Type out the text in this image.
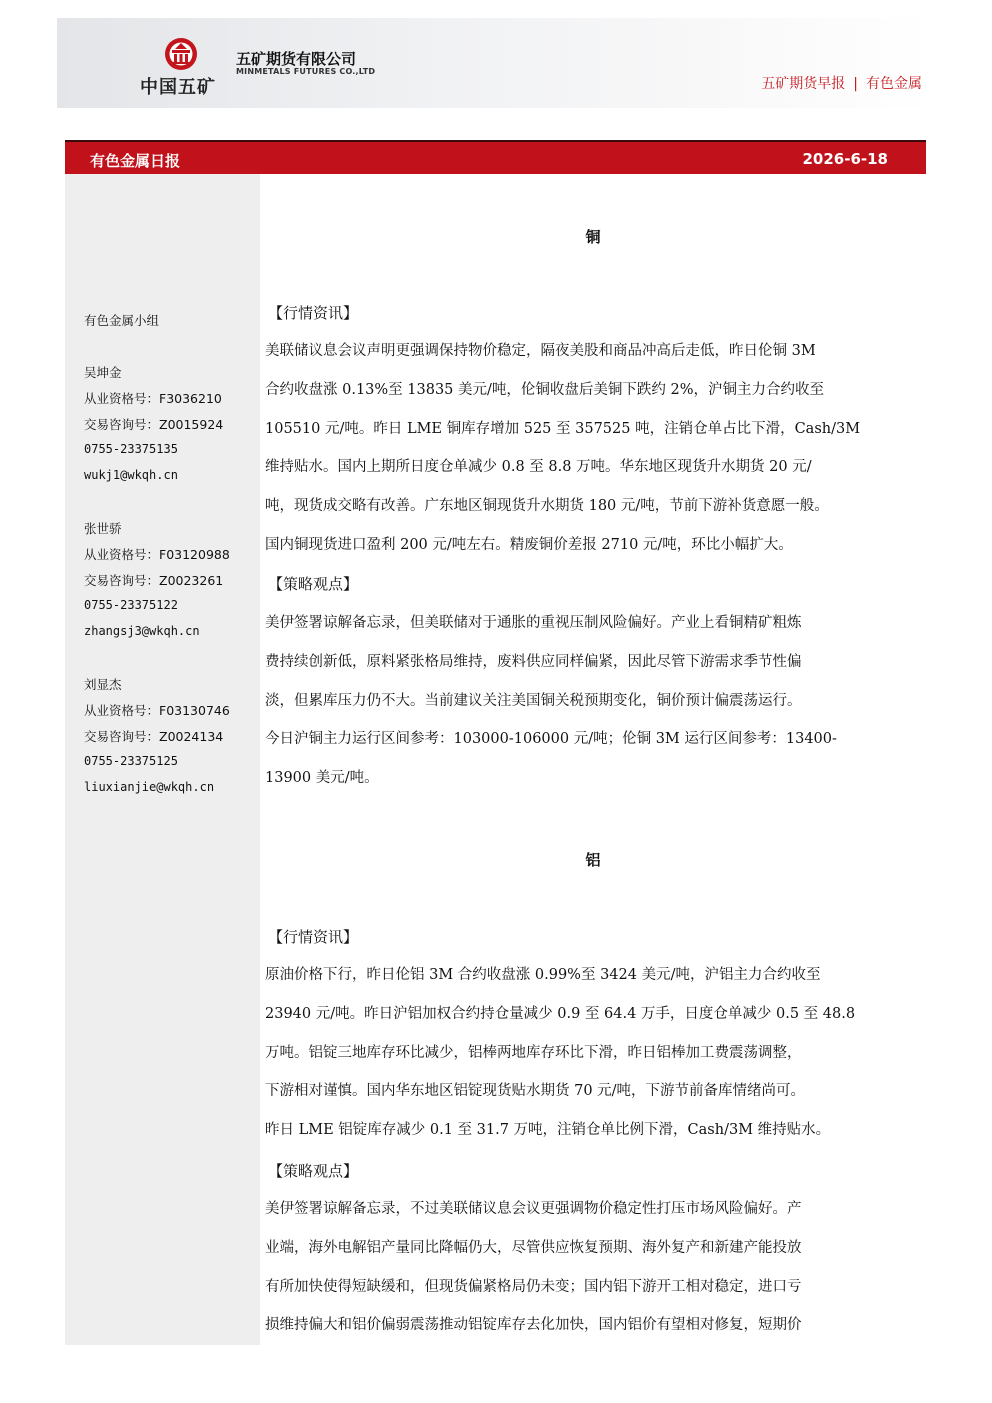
中国五矿
五矿期货有限公司
MINMETALS FUTURES CO.,LTD
五矿期货早报 | 有色金属
有色金属日报	2026-6-18
有色金属小组
吴坤金
从业资格号：F3036210
交易咨询号：Z0015924
0755-23375135
wukj1@wkqh.cn
张世骄
从业资格号：F03120988
交易咨询号：Z0023261
0755-23375122
zhangsj3@wkqh.cn
刘显杰
从业资格号：F03130746
交易咨询号：Z0024134
0755-23375125
liuxianjie@wkqh.cn
铜
【行情资讯】
美联储议息会议声明更强调保持物价稳定，隔夜美股和商品冲高后走低，昨日伦铜 3M
合约收盘涨 0.13%至 13835 美元/吨，伦铜收盘后美铜下跌约 2%，沪铜主力合约收至
105510 元/吨。昨日 LME 铜库存增加 525 至 357525 吨，注销仓单占比下滑，Cash/3M
维持贴水。国内上期所日度仓单减少 0.8 至 8.8 万吨。华东地区现货升水期货 20 元/
吨，现货成交略有改善。广东地区铜现货升水期货 180 元/吨，节前下游补货意愿一般。
国内铜现货进口盈利 200 元/吨左右。精废铜价差报 2710 元/吨，环比小幅扩大。
【策略观点】
美伊签署谅解备忘录，但美联储对于通胀的重视压制风险偏好。产业上看铜精矿粗炼
费持续创新低，原料紧张格局维持，废料供应同样偏紧，因此尽管下游需求季节性偏
淡，但累库压力仍不大。当前建议关注美国铜关税预期变化，铜价预计偏震荡运行。
今日沪铜主力运行区间参考：103000-106000 元/吨；伦铜 3M 运行区间参考：13400-
13900 美元/吨。
铝
【行情资讯】
原油价格下行，昨日伦铝 3M 合约收盘涨 0.99%至 3424 美元/吨，沪铝主力合约收至
23940 元/吨。昨日沪铝加权合约持仓量减少 0.9 至 64.4 万手，日度仓单减少 0.5 至 48.8
万吨。铝锭三地库存环比减少，铝棒两地库存环比下滑，昨日铝棒加工费震荡调整，
下游相对谨慎。国内华东地区铝锭现货贴水期货 70 元/吨，下游节前备库情绪尚可。
昨日 LME 铝锭库存减少 0.1 至 31.7 万吨，注销仓单比例下滑，Cash/3M 维持贴水。
【策略观点】
美伊签署谅解备忘录，不过美联储议息会议更强调物价稳定性打压市场风险偏好。产
业端，海外电解铝产量同比降幅仍大，尽管供应恢复预期、海外复产和新建产能投放
有所加快使得短缺缓和，但现货偏紧格局仍未变；国内铝下游开工相对稳定，进口亏
损维持偏大和铝价偏弱震荡推动铝锭库存去化加快，国内铝价有望相对修复，短期价
